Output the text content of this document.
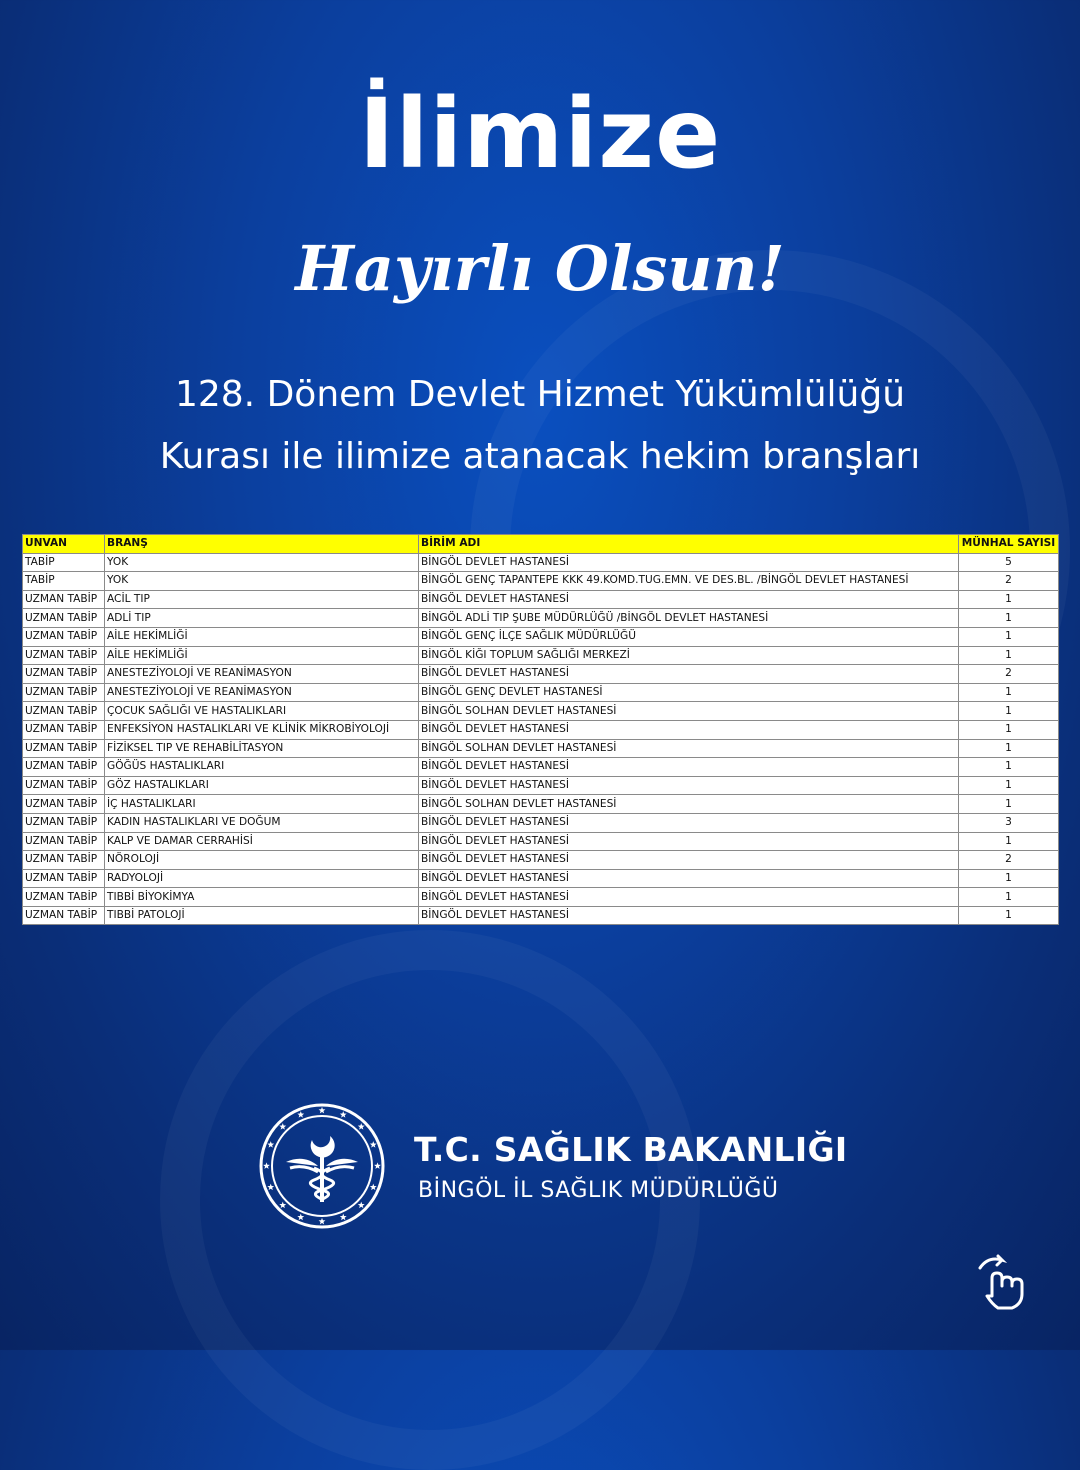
İlimize
Hayırlı Olsun!
128. Dönem Devlet Hizmet Yükümlülüğü
Kurası ile ilimize atanacak hekim branşları
UNVAN	BRANŞ	BİRİM ADI	MÜNHAL SAYISI
TABİP	YOK	BİNGÖL DEVLET HASTANESİ	5
TABİP	YOK	BİNGÖL GENÇ TAPANTEPE KKK 49.KOMD.TUG.EMN. VE DES.BL. /BİNGÖL DEVLET HASTANESİ	2
UZMAN TABİP	ACİL TIP	BİNGÖL DEVLET HASTANESİ	1
UZMAN TABİP	ADLİ TIP	BİNGÖL ADLİ TIP ŞUBE MÜDÜRLÜĞÜ /BİNGÖL DEVLET HASTANESİ	1
UZMAN TABİP	AİLE HEKİMLİĞİ	BİNGÖL GENÇ İLÇE SAĞLIK MÜDÜRLÜĞÜ	1
UZMAN TABİP	AİLE HEKİMLİĞİ	BİNGÖL KİĞI TOPLUM SAĞLIĞI MERKEZİ	1
UZMAN TABİP	ANESTEZİYOLOJİ VE REANİMASYON	BİNGÖL DEVLET HASTANESİ	2
UZMAN TABİP	ANESTEZİYOLOJİ VE REANİMASYON	BİNGÖL GENÇ DEVLET HASTANESİ	1
UZMAN TABİP	ÇOCUK SAĞLIĞI VE HASTALIKLARI	BİNGÖL SOLHAN DEVLET HASTANESİ	1
UZMAN TABİP	ENFEKSİYON HASTALIKLARI VE KLİNİK MİKROBİYOLOJİ	BİNGÖL DEVLET HASTANESİ	1
UZMAN TABİP	FİZİKSEL TIP VE REHABİLİTASYON	BİNGÖL SOLHAN DEVLET HASTANESİ	1
UZMAN TABİP	GÖĞÜS HASTALIKLARI	BİNGÖL DEVLET HASTANESİ	1
UZMAN TABİP	GÖZ HASTALIKLARI	BİNGÖL DEVLET HASTANESİ	1
UZMAN TABİP	İÇ HASTALIKLARI	BİNGÖL SOLHAN DEVLET HASTANESİ	1
UZMAN TABİP	KADIN HASTALIKLARI VE DOĞUM	BİNGÖL DEVLET HASTANESİ	3
UZMAN TABİP	KALP VE DAMAR CERRAHİSİ	BİNGÖL DEVLET HASTANESİ	1
UZMAN TABİP	NÖROLOJİ	BİNGÖL DEVLET HASTANESİ	2
UZMAN TABİP	RADYOLOJİ	BİNGÖL DEVLET HASTANESİ	1
UZMAN TABİP	TIBBİ BİYOKİMYA	BİNGÖL DEVLET HASTANESİ	1
UZMAN TABİP	TIBBİ PATOLOJİ	BİNGÖL DEVLET HASTANESİ	1
T.C. SAĞLIK BAKANLIĞI
BİNGÖL İL SAĞLIK MÜDÜRLÜĞÜ
